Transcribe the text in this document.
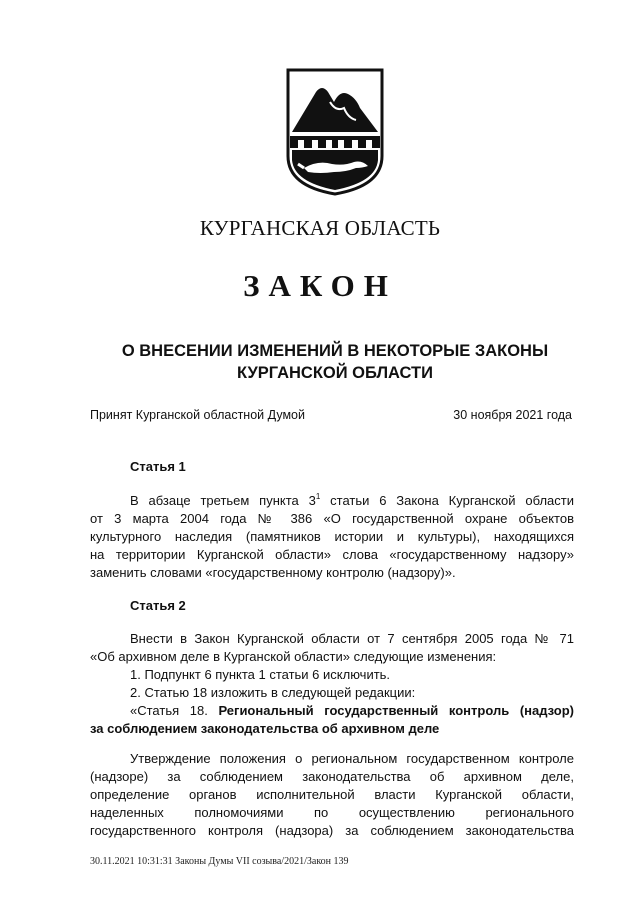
КУРГАНСКАЯ ОБЛАСТЬ
ЗАКОН
О ВНЕСЕНИИ ИЗМЕНЕНИЙ В НЕКОТОРЫЕ ЗАКОНЫ
КУРГАНСКОЙ ОБЛАСТИ
Принят Курганской областной Думой	30 ноября 2021 года
Статья 1
В абзаце третьем пункта $3^1$ статьи 6 Закона Курганской области
от 3 марта 2004 года № 386 «О государственной охране объектов
культурного наследия (памятников истории и культуры), находящихся
на территории Курганской области» слова «государственному надзору»
заменить словами «государственному контролю (надзору)».
Статья 2
Внести в Закон Курганской области от 7 сентября 2005 года № 71
«Об архивном деле в Курганской области» следующие изменения:
1. Подпункт 6 пункта 1 статьи 6 исключить.
2. Статью 18 изложить в следующей редакции:
«Статья 18. Региональный государственный контроль (надзор)
за соблюдением законодательства об архивном деле
Утверждение положения о региональном государственном контроле
(надзоре) за соблюдением законодательства об архивном деле,
определение органов исполнительной власти Курганской области,
наделенных полномочиями по осуществлению регионального
государственного контроля (надзора) за соблюдением законодательства
30.11.2021 10:31:31 Законы Думы VII созыва/2021/Закон 139
